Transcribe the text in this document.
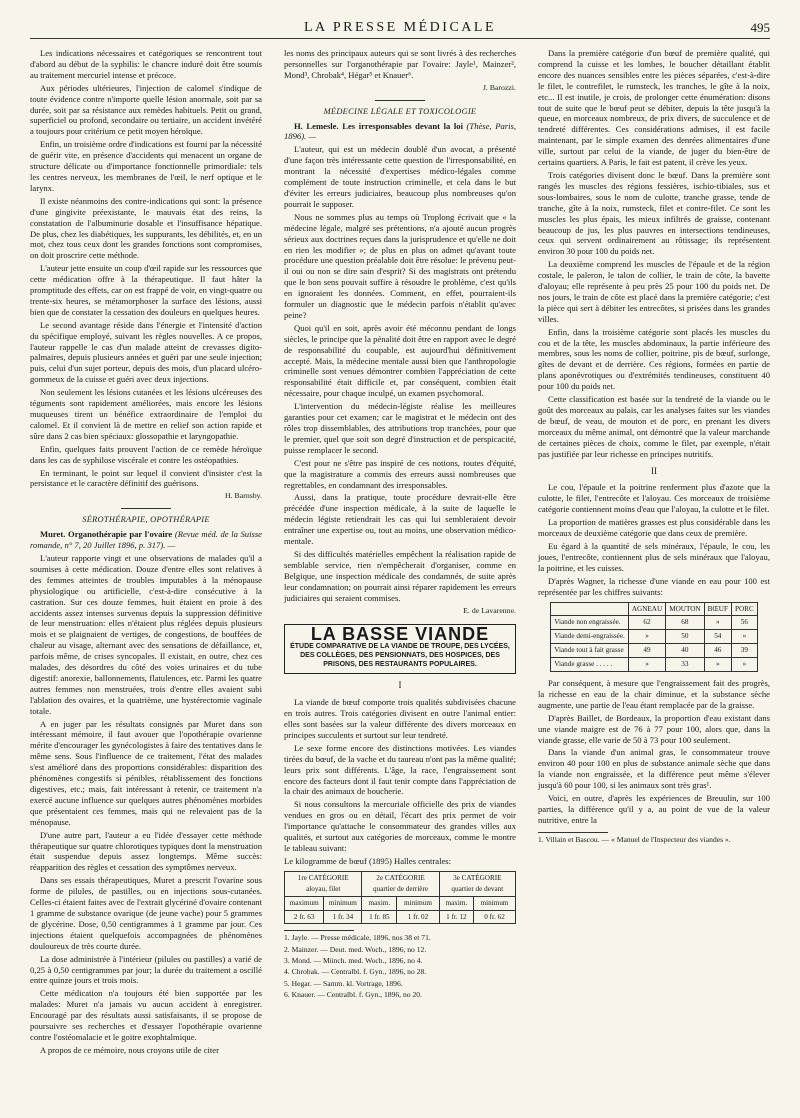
LA PRESSE MÉDICALE	495

Les indications nécessaires et catégoriques se rencontrent tout d'abord au début de la syphilis: le chancre induré doit être soumis au traitement mercuriel intense et précoce.

Aux périodes ultérieures, l'injection de calomel s'indique de toute évidence contre n'importe quelle lésion anormale, soit par sa durée, soit par sa résistance aux remèdes habituels. Petit ou grand, superficiel ou profond, secondaire ou tertiaire, un accident invétéré a toujours pour critérium ce petit moyen héroïque.

Enfin, un troisième ordre d'indications est fourni par la nécessité de guérir vite, en présence d'accidents qui menacent un organe de structure délicate ou d'importance fonctionnelle primordiale: tels les centres nerveux, les membranes de l'œil, le nerf optique et le larynx.

Il existe néanmoins des contre-indications qui sont: la présence d'une gingivite préexistante, le mauvais état des reins, la constatation de l'albuminurie dosable et l'insuffisance hépatique. De plus, chez les diabétiques, les suppurants, les débilités, et, en un mot, chez tous ceux dont les grandes fonctions sont compromises, on doit proscrire cette méthode.

L'auteur jette ensuite un coup d'œil rapide sur les ressources que cette médication offre à la thérapeutique. Il faut hâter la promptitude des effets, car on est frappé de voir, en vingt-quatre ou trente-six heures, se métamorphoser la surface des lésions, aussi bien que de constater la cessation des douleurs en quelques heures.

Le second avantage réside dans l'énergie et l'intensité d'action du spécifique employé, suivant les règles nouvelles. A ce propos, l'auteur rappelle le cas d'un malade atteint de crevasses digito-palmaires, depuis plusieurs années et guéri par une seule injection; puis, celui d'un sujet porteur, depuis des mois, d'un placard ulcéro-gommeux de la cuisse et guéri avec deux injections.

Non seulement les lésions cutanées et les lésions ulcéreuses des téguments sont rapidement améliorées, mais encore les lésions muqueuses tirent un bénéfice extraordinaire de l'emploi du calomel. Et il convient là de mettre en relief son action rapide et sûre dans 2 cas bien spéciaux: glossopathie et laryngopathie.

Enfin, quelques faits prouvent l'action de ce remède héroïque dans les cas de syphilose viscérale et contre les ostéopathies.

En terminant, le point sur lequel il convient d'insister c'est la persistance et le caractère définitif des guérisons.

H. Barnsby.
SÉROTHÉRAPIE, OPOTHÉRAPIE

Muret. Organothérapie par l'ovaire (Revue méd. de la Suisse romande, n° 7, 20 Juillet 1896, p. 317). —

L'auteur rapporte vingt et une observations de malades qu'il a soumises à cette médication. Douze d'entre elles sont relatives à des femmes atteintes de troubles imputables à la ménopause physiologique ou artificielle, c'est-à-dire consécutive à la castration. Sur ces douze femmes, huit étaient en proie à des accidents assez intenses survenus depuis la suppression définitive de leur menstruation: elles n'étaient plus réglées depuis plusieurs mois et se plaignaient de vertiges, de congestions, de bouffées de chaleur au visage, alternant avec des sensations de défaillance, et, parfois même, de crises syncopales. Il existait, en outre, chez ces malades, des désordres du côté des voies urinaires et du tube digestif: anorexie, ballonnements, flatulences, etc. Parmi les quatre autres femmes non menstruées, trois d'entre elles avaient subi l'ablation des ovaires, et la quatrième, une hystérectomie vaginale totale.

A en juger par les résultats consignés par Muret dans son intéressant mémoire, il faut avouer que l'opothérapie ovarienne mérite d'encourager les gynécologistes à faire des tentatives dans le même sens. Sous l'influence de ce traitement, l'état des malades s'est amélioré dans des proportions considérables: disparition des phénomènes congestifs si pénibles, rétablissement des fonctions digestives, etc.; mais, fait intéressant à retenir, ce traitement n'a exercé aucune influence sur quelques autres phénomènes morbides que présentaient ces femmes, mais qui ne relevaient pas de la ménopause.

D'une autre part, l'auteur a eu l'idée d'essayer cette méthode thérapeutique sur quatre chlorotiques typiques dont la menstruation était suspendue depuis assez longtemps. Même succès: réapparition des règles et cessation des symptômes nerveux.

Dans ses essais thérapeutiques, Muret a prescrit l'ovarine sous forme de pilules, de pastilles, ou en injections sous-cutanées. Celles-ci étaient faites avec de l'extrait glycériné d'ovaire contenant 1 gramme de substance ovarique (de jeune vache) pour 5 grammes de glycérine. Dose, 0,50 centigrammes à 1 gramme par jour. Ces injections étaient quelquefois accompagnées de phénomènes douloureux de très courte durée.

La dose administrée à l'intérieur (pilules ou pastilles) a varié de 0,25 à 0,50 centigrammes par jour; la durée du traitement a oscillé entre quinze jours et trois mois.

Cette médication n'a toujours été bien supportée par les malades: Muret n'a jamais vu aucun accident à enregistrer. Encouragé par des résultats aussi satisfaisants, il se propose de poursuivre ses recherches et d'essayer l'opothérapie ovarienne contre l'ostéomalacie et le goitre exophtalmique.

A propos de ce mémoire, nous croyons utile de citer

les noms des principaux auteurs qui se sont livrés à des recherches personnelles sur l'organothérapie par l'ovaire: Jayle¹, Mainzer², Mond³, Chrobak⁴, Hégar⁵ et Knauer⁶.

J. Barozzi.
MÉDECINE LÉGALE ET TOXICOLOGIE

H. Lemesle. Les irresponsables devant la loi (Thèse, Paris, 1896). —

L'auteur, qui est un médecin doublé d'un avocat, a présenté d'une façon très intéressante cette question de l'irresponsabilité, en montrant la nécessité d'expertises médico-légales comme complément de toute instruction criminelle, et cela dans le but d'éviter les erreurs judiciaires, beaucoup plus nombreuses qu'on pourrait le supposer.

Nous ne sommes plus au temps où Troplong écrivait que « la médecine légale, malgré ses prétentions, n'a ajouté aucun progrès sérieux aux doctrines reçues dans la jurisprudence et qu'elle ne doit en rien les modifier »; de plus en plus on admet qu'avant toute procédure une question préalable doit être résolue: le prévenu peut-il oui ou non se dire sain d'esprit? Si des magistrats ont prétendu que le bon sens pouvait suffire à résoudre le problème, c'est qu'ils en ignoraient les données. Comment, en effet, pourraient-ils formuler un diagnostic que le médecin parfois n'établit qu'avec peine?

Quoi qu'il en soit, après avoir été méconnu pendant de longs siècles, le principe que la pénalité doit être en rapport avec le degré de responsabilité du coupable, est aujourd'hui définitivement accepté. Mais, la médecine mentale aussi bien que l'anthropologie criminelle sont venues démontrer combien l'appréciation de cette responsabilité était difficile et, par conséquent, combien était nécessaire, pour chaque inculpé, un examen psychomoral.

L'intervention du médecin-légiste réalise les meilleures garanties pour cet examen; car le magistrat et le médecin ont des rôles trop dissemblables, des attributions trop tranchées, pour que le premier, quel que soit son degré d'instruction et de perspicacité, puisse remplacer le second.

C'est pour ne s'être pas inspiré de ces notions, toutes d'équité, que la magistrature a commis des erreurs aussi nombreuses que regrettables, en condamnant des irresponsables.

Aussi, dans la pratique, toute procédure devrait-elle être précédée d'une inspection médicale, à la suite de laquelle le médecin légiste retiendrait les cas qui lui sembleraient devoir entraîner une expertise ou, tout au moins, une observation médico-mentale.

Si des difficultés matérielles empêchent la réalisation rapide de semblable service, rien n'empêcherait d'organiser, comme en Belgique, une inspection médicale des condamnés, de suite après leur condamnation; on pourrait ainsi réparer rapidement les erreurs judiciaires qui seraient commises.

E. de Lavarenne.
LA BASSE VIANDE
ÉTUDE COMPARATIVE DE LA VIANDE DE TROUPE, DES LYCÉES, DES COLLÈGES, DES PENSIONNATS, DES HOSPICES, DES PRISONS, DES RESTAURANTS POPULAIRES.
I

La viande de bœuf comporte trois qualités subdivisées chacune en trois autres. Trois catégories divisent en outre l'animal entier: elles sont basées sur la valeur différente des divers morceaux en principes succulents et surtout sur leur tendreté.

Le sexe forme encore des distinctions motivées. Les viandes tirées du bœuf, de la vache et du taureau n'ont pas la même qualité; leurs prix sont différents. L'âge, la race, l'engraissement sont encore des facteurs dont il faut tenir compte dans l'appréciation de la chair des animaux de boucherie.

Si nous consultons la mercuriale officielle des prix de viandes vendues en gros ou en détail, l'écart des prix permet de voir l'importance qu'attache le consommateur des grandes villes aux qualités, et surtout aux catégories de morceaux, comme le montre le tableau suivant:

Le kilogramme de bœuf (1895) Halles centrales:

1re CATÉGORIE aloyau, filet		2e CATÉGORIE quartier de derrière		3e CATÉGORIE quartier de devant	
maximum	minimum	maxim.	minimum	maxim.	minimum
2 fr. 63	1 fr. 34	1 fr. 85	1 fr. 02	1 fr. 12	0 fr. 62

1. Jayle. — Presse médicale, 1896, nos 38 et 71.

2. Mainzer. — Deut. med. Woch., 1896, no 12.

3. Mond. — Münch. med. Woch., 1896, no 4.

4. Chrobak. — Centralbl. f. Gyn., 1896, no 28.

5. Hegar. — Samm. kl. Vortrage, 1896.

6. Knauer. — Centralbl. f. Gyn., 1896, no 20.

Dans la première catégorie d'un bœuf de première qualité, qui comprend la cuisse et les lombes, le boucher détaillant établit encore des nuances sensibles entre les pièces séparées, c'est-à-dire le filet, le contrefilet, le rumsteck, les tranches, le gîte à la noix, etc... Il est inutile, je crois, de prolonger cette énumération: disons tout de suite que le bœuf peut se débiter, depuis la tête jusqu'à la queue, en morceaux nombreux, de prix divers, de succulence et de tendreté différentes. Ces considérations admises, il est facile maintenant, par le simple examen des denrées alimentaires d'une ville, surtout par celui de la viande, de juger du bien-être de certains quartiers. A Paris, le fait est patent, il crève les yeux.

Trois catégories divisent donc le bœuf. Dans la première sont rangés les muscles des régions fessières, ischio-tibiales, sus et sous-lombaires, sous le nom de culotte, tranche grasse, tende de tranche, gîte à la noix, rumsteck, filet et contre-filet. Ce sont les muscles les plus épais, les mieux infiltrés de graisse, contenant beaucoup de jus, les plus pauvres en intersections tendineuses, ceux qui servent ordinairement au rôtissage; ils représentent environ 30 pour 100 du poids net.

La deuxième comprend les muscles de l'épaule et de la région costale, le paleron, le talon de collier, le train de côte, la bavette d'aloyau; elle représente à peu près 25 pour 100 du poids net. De nos jours, le train de côte est placé dans la première catégorie; c'est la pièce qui sert à débiter les entrecôtes, si prisées dans les grandes villes.

Enfin, dans la troisième catégorie sont placés les muscles du cou et de la tête, les muscles abdominaux, la partie inférieure des membres, sous les noms de collier, poitrine, pis de bœuf, surlonge, gîtes de devant et de derrière. Ces régions, formées en partie de plans aponévrotiques ou d'extrémités tendineuses, constituent 40 pour 100 du poids net.

Cette classification est basée sur la tendreté de la viande ou le goût des morceaux au palais, car les analyses faites sur les viandes de bœuf, de veau, de mouton et de porc, en prenant les divers morceaux du même animal, ont démontré que la valeur marchande de certaines pièces de choix, comme le filet, par exemple, n'était pas justifiée par leur richesse en principes nutritifs.

II

Le cou, l'épaule et la poitrine renferment plus d'azote que la culotte, le filet, l'entrecôte et l'aloyau. Ces morceaux de troisième catégorie contiennent moins d'eau que l'aloyau, la culotte et le filet.

La proportion de matières grasses est plus considérable dans les morceaux de deuxième catégorie que dans ceux de première.

Eu égard à la quantité de sels minéraux, l'épaule, le cou, les joues, l'entrecôte, contiennent plus de sels minéraux que l'aloyau, la poitrine, et les cuisses.

D'après Wagner, la richesse d'une viande en eau pour 100 est représentée par les chiffres suivants:

	AGNEAU	MOUTON	BŒUF	PORC
Viande non engraissée.	62	68	»	56
Viande demi-engraissée.	»	50	54	»
Viande tout à fait grasse	49	40	46	39
Viande grasse . . . . .	»	33	»	»

Par conséquent, à mesure que l'engraissement fait des progrès, la richesse en eau de la chair diminue, et la substance sèche augmente, une partie de l'eau étant remplacée par de la graisse.

D'après Baillet, de Bordeaux, la proportion d'eau existant dans une viande maigre est de 76 à 77 pour 100, alors que, dans la viande grasse, elle varie de 50 à 73 pour 100 seulement.

Dans la viande d'un animal gras, le consommateur trouve environ 40 pour 100 en plus de substance animale sèche que dans la viande non engraissée, et la différence peut même s'élever jusqu'à 60 pour 100, si les animaux sont très gras¹.

Voici, en outre, d'après les expériences de Breuulin, sur 100 parties, la différence qu'il y a, au point de vue de la valeur nutritive, entre la

1. Villain et Bascou. — « Manuel de l'Inspecteur des viandes ».
